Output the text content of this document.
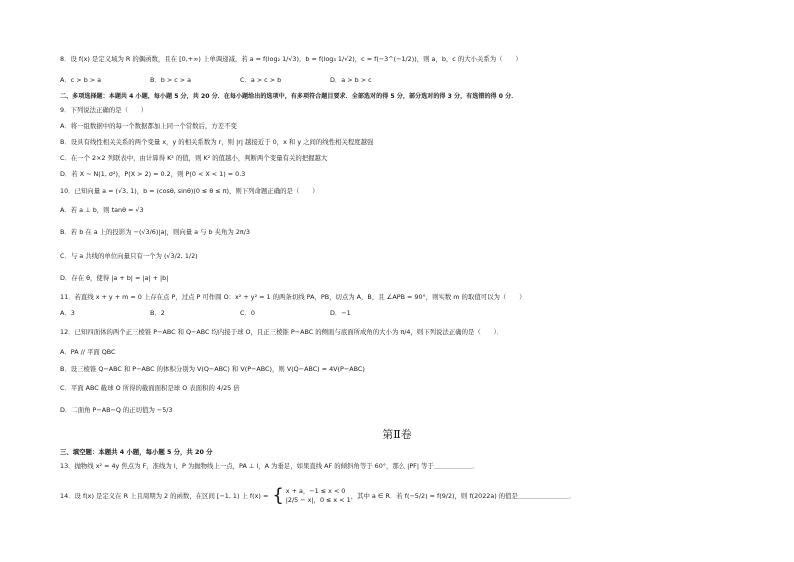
8．设 f(x) 是定义域为 R 的偶函数，且在 [0,+∞) 上单调递减，若 a = f(log₂ 1/√3)，b = f(log₃ 1/√2)，c = f(−3^(−1/2))，则 a，b，c 的大小关系为（　　）
A．c > b > a	B．b > c > a	C．a > c > b	D．a > b > c
二、多项选择题：本题共 4 小题，每小题 5 分，共 20 分．在每小题给出的选项中，有多项符合题目要求．全部选对的得 5 分，部分选对的得 3 分，有选错的得 0 分．
9．下列说法正确的是（　　）
A．将一组数据中的每一个数据都加上同一个常数后，方差不变
B．设具有线性相关关系的两个变量 x，y 的相关系数为 r，则 |r| 越接近于 0，x 和 y 之间的线性相关程度越强
C．在一个 2×2 列联表中，由计算得 K² 的值，则 K² 的值越小，判断两个变量有关的把握越大
D．若 X ~ N(1, σ²)，P(X > 2) = 0.2，则 P(0 < X < 1) = 0.3
10．已知向量 a = (√3, 1)，b = (cosθ, sinθ)(0 ≤ θ ≤ π)，则下列命题正确的是（　　）
A．若 a ⊥ b，则 tanθ = √3
B．若 b 在 a 上的投影为 −(√3/6)|a|，则向量 a 与 b 夹角为 2π/3
C．与 a 共线的单位向量只有一个为 (√3/2, 1/2)
D．存在 θ，使得 |a + b| = |a| + |b|
11．若直线 x + y + m = 0 上存在点 P，过点 P 可作圆 O：x² + y² = 1 的两条切线 PA，PB，切点为 A，B，且 ∠APB = 90°，则实数 m 的取值可以为（　　）
A．3	B．2	C．0	D．−1
12．已知四面体的两个正三棱锥 P−ABC 和 Q−ABC 均内接于球 O，且正三棱锥 P−ABC 的侧面与底面所成角的大小为 π/4，则下列说法正确的是（　　）．
A．PA // 平面 QBC
B．设三棱锥 Q−ABC 和 P−ABC 的体积分别为 V(Q−ABC) 和 V(P−ABC)，则 V(Q−ABC) = 4V(P−ABC)
C．平面 ABC 截球 O 所得的截面面积是球 O 表面积的 4/25 倍
D．二面角 P−AB−Q 的正切值为 −5/3
第Ⅱ卷
三、填空题：本题共 4 小题，每小题 5 分，共 20 分
13．抛物线 x² = 4y 焦点为 F，准线为 l，P 为抛物线上一点，PA ⊥ l，A 为垂足，如果直线 AF 的倾斜角等于 60°，那么 |PF| 等于＿＿＿＿＿＿．
14．设 f(x) 是定义在 R 上且周期为 2 的函数，在区间 [−1, 1) 上 f(x) = { x + a，−1 ≤ x < 0
|2/5 − x|，0 ≤ x < 1
，其中 a ∈ R．若 f(−5/2) = f(9/2)，则 f(2022a) 的值是＿＿＿＿＿＿＿＿．
